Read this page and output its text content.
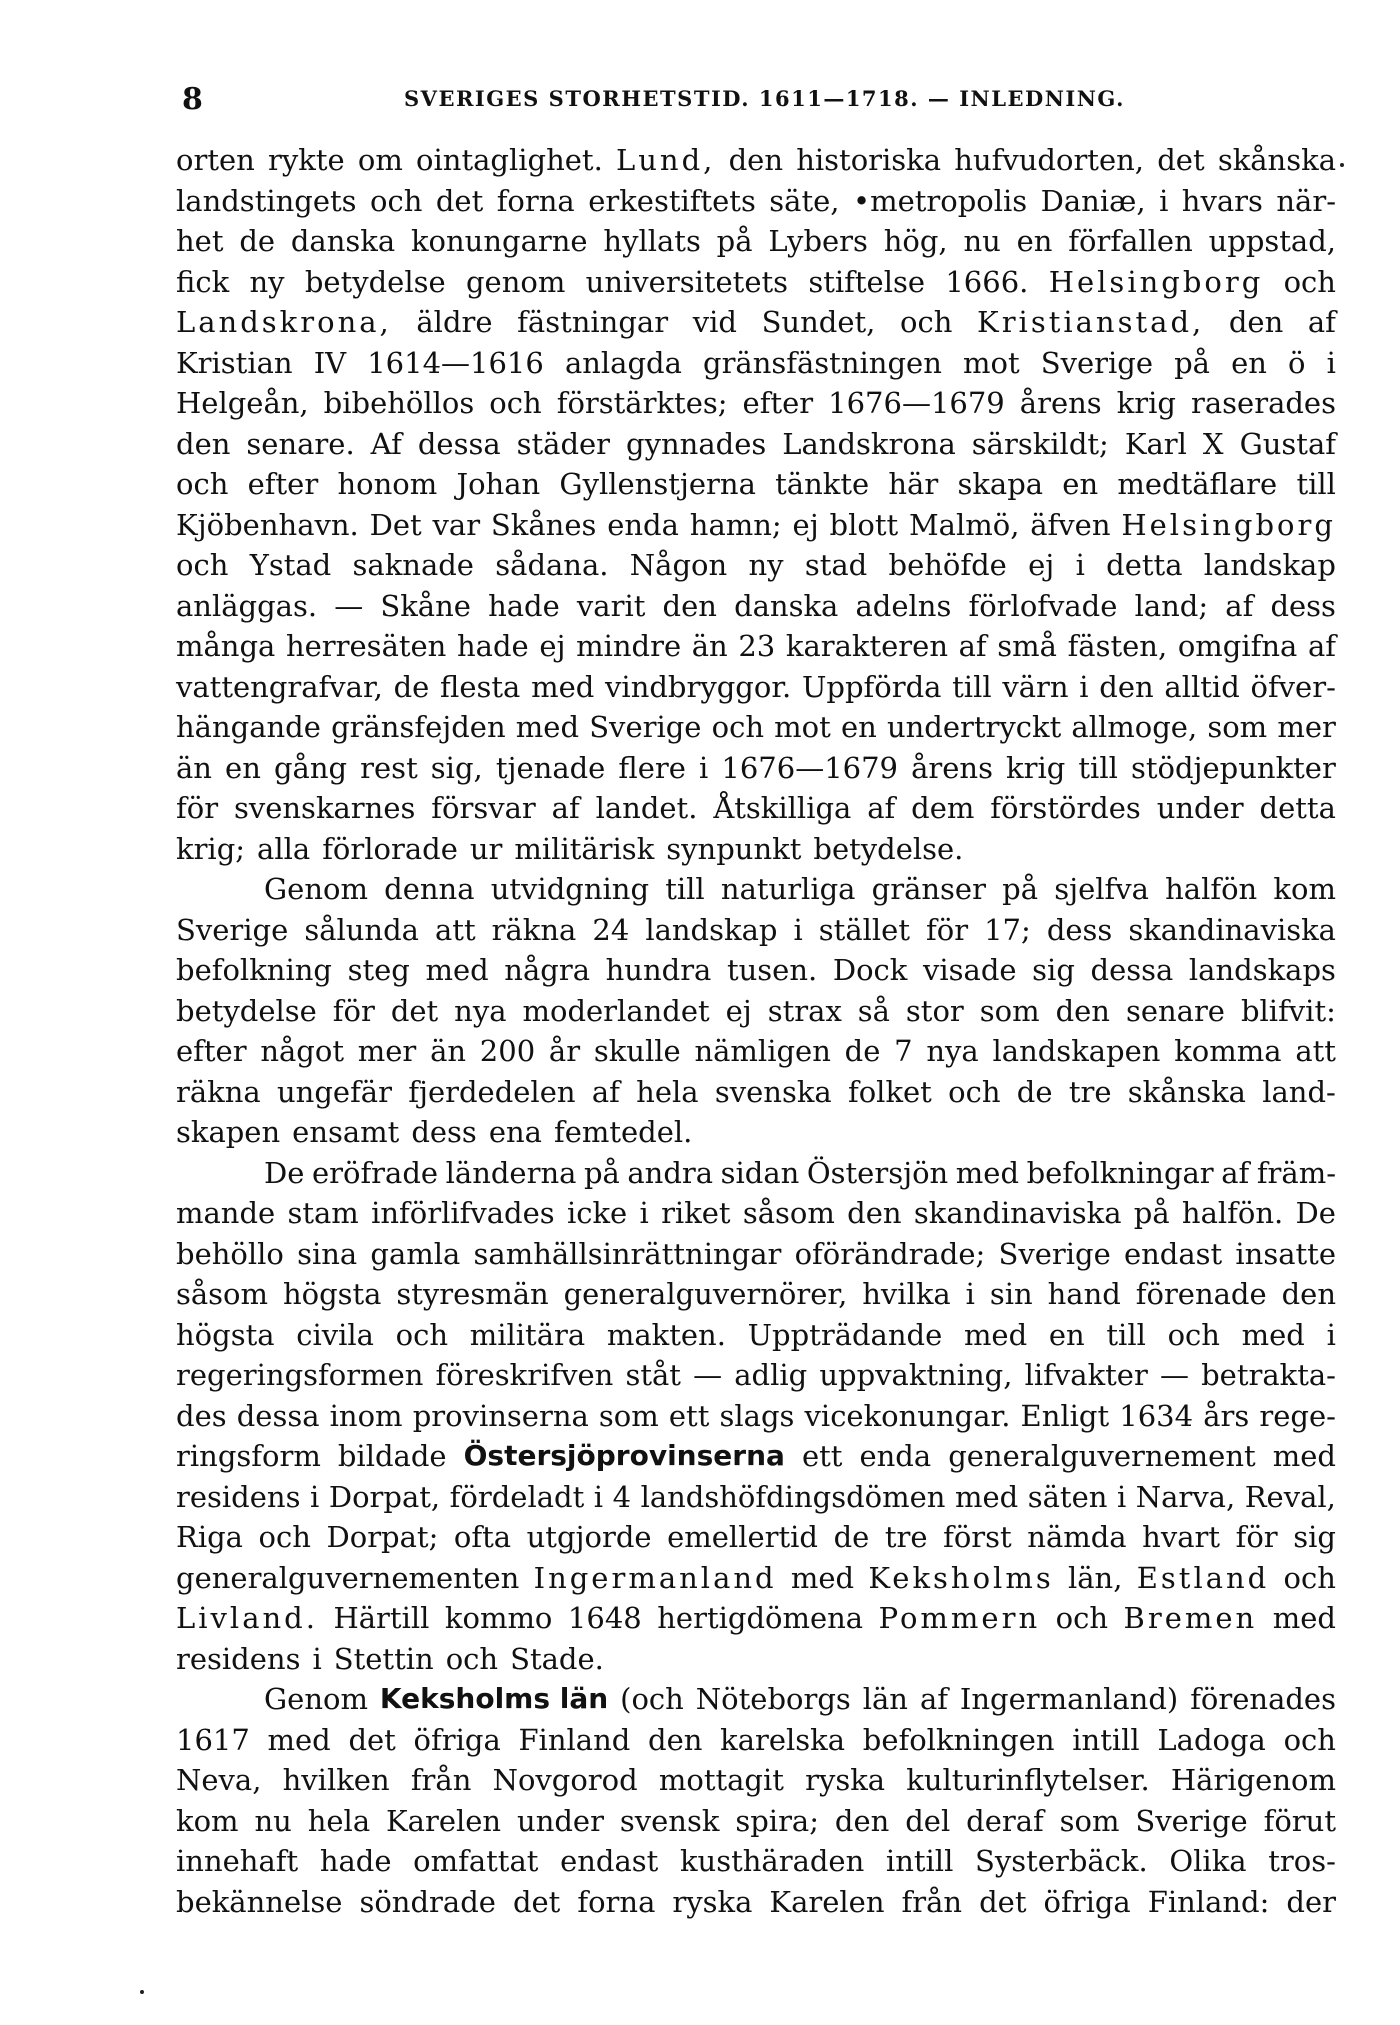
8	SVERIGES STORHETSTID. 1611—1718. — INLEDNING.
orten rykte om ointaglighet. Lund, den historiska hufvudorten, det skånska
landstingets och det forna erkestiftets säte, •metropolis Daniæ, i hvars när-
het de danska konungarne hyllats på Lybers hög, nu en förfallen uppstad,
fick ny betydelse genom universitetets stiftelse 1666. Helsingborg och
Landskrona, äldre fästningar vid Sundet, och Kristianstad, den af
Kristian IV 1614—1616 anlagda gränsfästningen mot Sverige på en ö i
Helgeån, bibehöllos och förstärktes; efter 1676—1679 årens krig raserades
den senare. Af dessa städer gynnades Landskrona särskildt; Karl X Gustaf
och efter honom Johan Gyllenstjerna tänkte här skapa en medtäflare till
Kjöbenhavn. Det var Skånes enda hamn; ej blott Malmö, äfven Helsingborg
och Ystad saknade sådana. Någon ny stad behöfde ej i detta landskap
anläggas. — Skåne hade varit den danska adelns förlofvade land; af dess
många herresäten hade ej mindre än 23 karakteren af små fästen, omgifna af
vattengrafvar, de flesta med vindbryggor. Uppförda till värn i den alltid öfver-
hängande gränsfejden med Sverige och mot en undertryckt allmoge, som mer
än en gång rest sig, tjenade flere i 1676—1679 årens krig till stödjepunkter
för svenskarnes försvar af landet. Åtskilliga af dem förstördes under detta
krig; alla förlorade ur militärisk synpunkt betydelse.
Genom denna utvidgning till naturliga gränser på sjelfva halfön kom
Sverige sålunda att räkna 24 landskap i stället för 17; dess skandinaviska
befolkning steg med några hundra tusen. Dock visade sig dessa landskaps
betydelse för det nya moderlandet ej strax så stor som den senare blifvit:
efter något mer än 200 år skulle nämligen de 7 nya landskapen komma att
räkna ungefär fjerdedelen af hela svenska folket och de tre skånska land-
skapen ensamt dess ena femtedel.
De eröfrade länderna på andra sidan Östersjön med befolkningar af främ-
mande stam införlifvades icke i riket såsom den skandinaviska på halfön. De
behöllo sina gamla samhällsinrättningar oförändrade; Sverige endast insatte
såsom högsta styresmän generalguvernörer, hvilka i sin hand förenade den
högsta civila och militära makten. Uppträdande med en till och med i
regeringsformen föreskrifven ståt — adlig uppvaktning, lifvakter — betrakta-
des dessa inom provinserna som ett slags vicekonungar. Enligt 1634 års rege-
ringsform bildade Östersjöprovinserna ett enda generalguvernement med
residens i Dorpat, fördeladt i 4 landshöfdingsdömen med säten i Narva, Reval,
Riga och Dorpat; ofta utgjorde emellertid de tre först nämda hvart för sig
generalguvernementen Ingermanland med Keksholms län, Estland och
Livland. Härtill kommo 1648 hertigdömena Pommern och Bremen med
residens i Stettin och Stade.
Genom Keksholms län (och Nöteborgs län af Ingermanland) förenades
1617 med det öfriga Finland den karelska befolkningen intill Ladoga och
Neva, hvilken från Novgorod mottagit ryska kulturinflytelser. Härigenom
kom nu hela Karelen under svensk spira; den del deraf som Sverige förut
innehaft hade omfattat endast kusthäraden intill Systerbäck. Olika tros-
bekännelse söndrade det forna ryska Karelen från det öfriga Finland: der
